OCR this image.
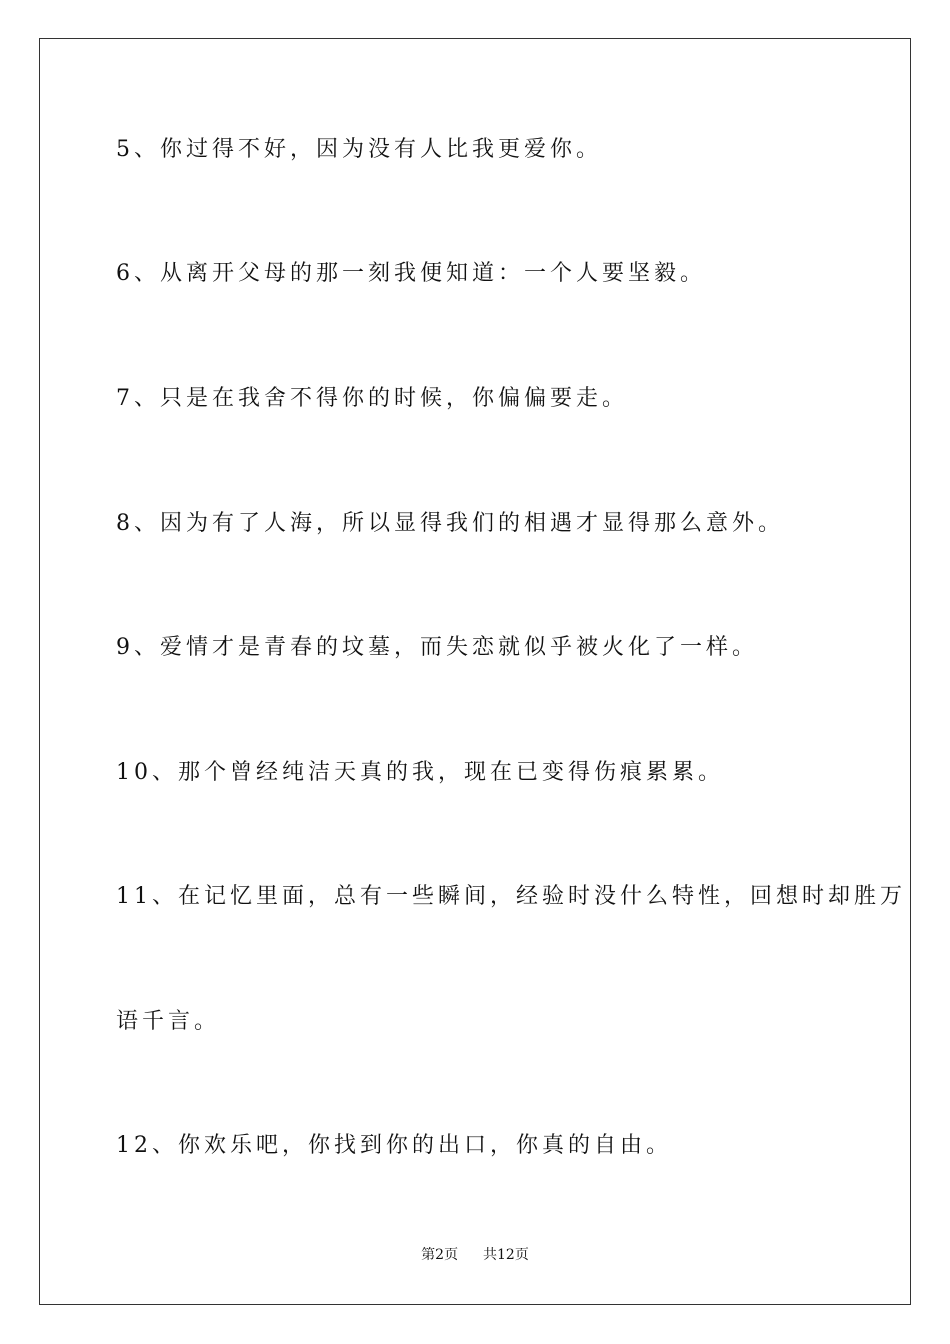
5、你过得不好，因为没有人比我更爱你。
6、从离开父母的那一刻我便知道：一个人要坚毅。
7、只是在我舍不得你的时候，你偏偏要走。
8、因为有了人海，所以显得我们的相遇才显得那么意外。
9、爱情才是青春的坟墓，而失恋就似乎被火化了一样。
10、那个曾经纯洁天真的我，现在已变得伤痕累累。
11、在记忆里面，总有一些瞬间，经验时没什么特性，回想时却胜万
语千言。
12、你欢乐吧，你找到你的出口，你真的自由。
第2页 共12页
